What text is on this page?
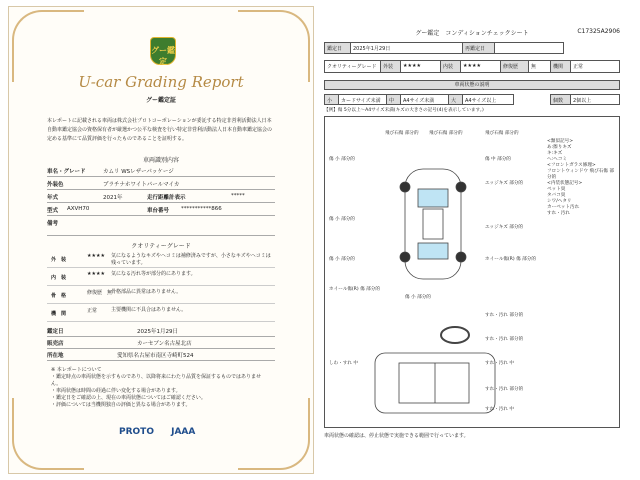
グー鑑定
U-car Grading Report
グー鑑定証
本レポートに記載される車両は株式会社プロトコーポレーションが委託する特定非営利活動法人日本自動車鑑定協会の資格保有者が厳選かつ公平な検査を行い特定非営利活動法人日本自動車鑑定協会の定める基準にて品質評価を行ったものであることを証明する。
車両識別内容
車名・グレード	カムリ WSレザーパッケージ
外装色	プラチナホワイトパールマイカ
年式	2021年	走行距離計表示	*****
型式 AXVH70	車台番号 ***********866
備考
クオリティーグレード
外　装
★★★★ 気になるようなキズやヘコミは補修済みですが、小さなキズやヘコミは残っています。
内　装
★★★★ 気になる汚れ等が部分的にあります。
骨　格	修復歴　無
骨格部品に異常はありません。
機　関	正常	主要機関に不具合はありません。
鑑定日	2025年1月29日
販売店	カーセブン名古屋北店
所在地	愛知県名古屋市南区寺崎町524
※ 本レポートについて
・鑑定時点の車両状態を示すものであり、以降将来にわたり品質を保証するものではありません。
・車両状態は時間の経過に伴い変化する場合があります。
・鑑定日をご確認の上、現在の車両状態についてはご確認ください。
・評価については当機関独自の評価と異なる場合があります。
PROTO JAAA
グー鑑定　コンディションチェックシート	C17325A2906
鑑定日	2025年1月29日	再鑑定日
クオリティーグレード	外装	★★★★	内装	★★★★	修復歴	無	機関	正常
車両状態の説明
小	カードサイズ未満	中	A4サイズ未満	大	A4サイズ以上	個数	2個以上
【例】傷 5分以上〜A4サイズ未満(キズの大きさの記号(4)を表示しています。)
飛び石傷 部分的 飛び石傷 部分的	飛び石傷 部分的
傷 小 部分的	傷 中 部分的
エッジキズ 部分的
エッジキズ 部分的
ホイール傷(R) 傷 部分的
傷 小 部分的
傷 小 部分的
傷 小 部分的
ホイール傷(R) 傷 部分的
すれ・汚れ 部分的
すれ・汚れ 部分的
すれ・汚れ 中
しわ・すれ 中
すれ・汚れ 部分的
すれ・汚れ 中
<類似記号>
あ:擦りキズ
キ:キズ
へ:ヘコミ
<フロントガラス修理>
フロントウィンドウ 飛び石傷 部分的
<内装状態記号>
ペット臭
タバコ臭
シワ/ヘタリ
カーペット汚れ
すれ・汚れ
車両状態の確認は、停止状態で実施できる範囲で行っています。
